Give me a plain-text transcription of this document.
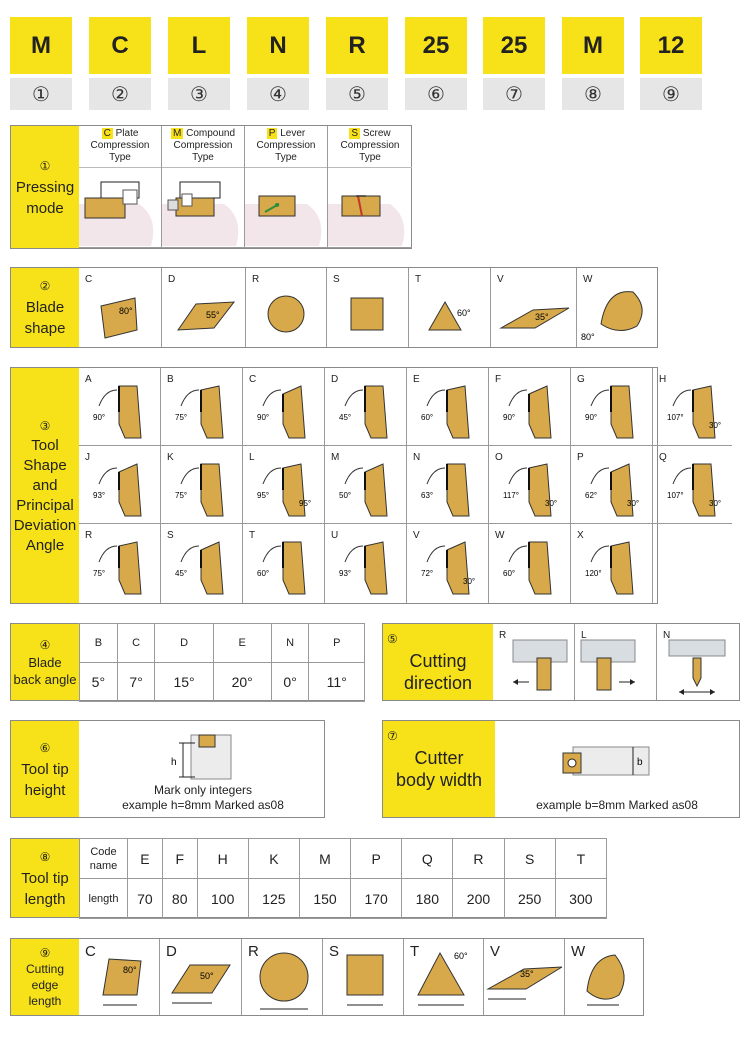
M	C	L	N	R	25	25	M	12
①	②	③	④	⑤	⑥	⑦	⑧	⑨
①
Pressing
mode
C Plate Compression Type
M Compound Compression Type
P Lever Compression Type
S Screw Compression Type
②
Blade
shape
C
80°
D
55°
R	S	T
60°
V
35°
W
80°
③
Tool
Shape
and
Principal
Deviation
Angle
A
90°
B
75°
C
90°
D
45°
E
60°
F
90°
G
90°
H
107°
30°
J
93°
K
75°
L
95°
95°
M
50°
N
63°
O
117°
30°
P
62°
30°
Q
107°
30°
R
75°
S
45°
T
60°
U
93°
V
72°
30°
W
60°
X
120°
④
Blade
back angle
B	C	D	E	N	P
5°	7°	15°	20°	0°	11°
⑤
Cutting
direction
R	L	N
⑥
Tool tip
height
h
Mark only integers
example h=8mm Marked as08
⑦
Cutter
body width
b
example b=8mm Marked as08
⑧
Tool tip
length
Code
name	E	F	H	K	M	P	Q	R	S	T
length	70	80	100	125	150	170	180	200	250	300
⑨
Cutting
edge
length
C
80°
D
50°
R	S	T	60° V
35°
W
